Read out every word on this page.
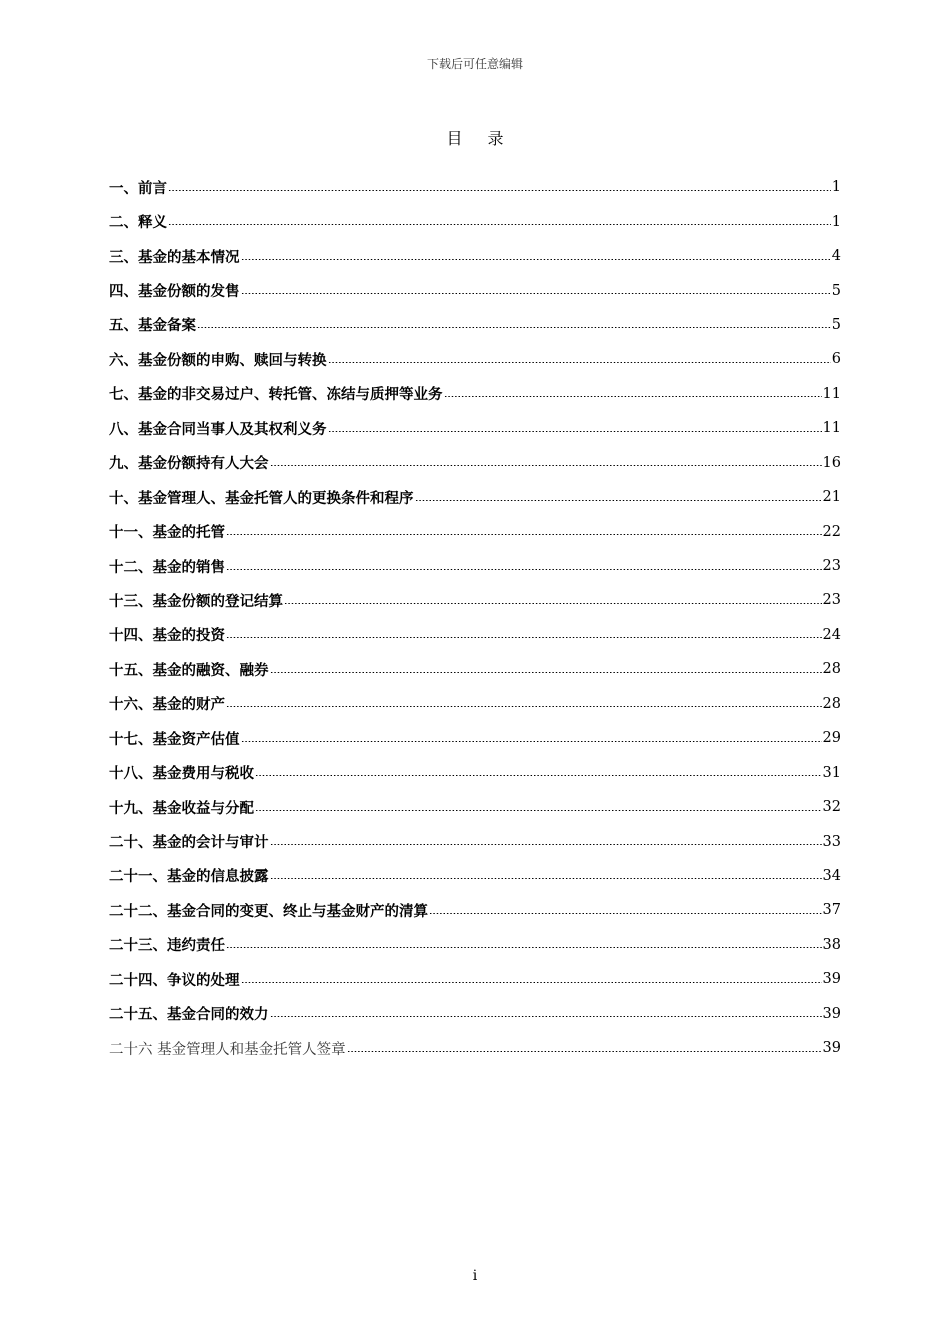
下载后可任意编辑
目 录
一、前言	1
二、释义	1
三、基金的基本情况	4
四、基金份额的发售	5
五、基金备案	5
六、基金份额的申购、赎回与转换	6
七、基金的非交易过户、转托管、冻结与质押等业务	11
八、基金合同当事人及其权利义务	11
九、基金份额持有人大会	16
十、基金管理人、基金托管人的更换条件和程序	21
十一、基金的托管	22
十二、基金的销售	23
十三、基金份额的登记结算	23
十四、基金的投资	24
十五、基金的融资、融券	28
十六、基金的财产	28
十七、基金资产估值	29
十八、基金费用与税收	31
十九、基金收益与分配	32
二十、基金的会计与审计	33
二十一、基金的信息披露	34
二十二、基金合同的变更、终止与基金财产的清算	37
二十三、违约责任	38
二十四、争议的处理	39
二十五、基金合同的效力	39
二十六 基金管理人和基金托管人签章	39
i
